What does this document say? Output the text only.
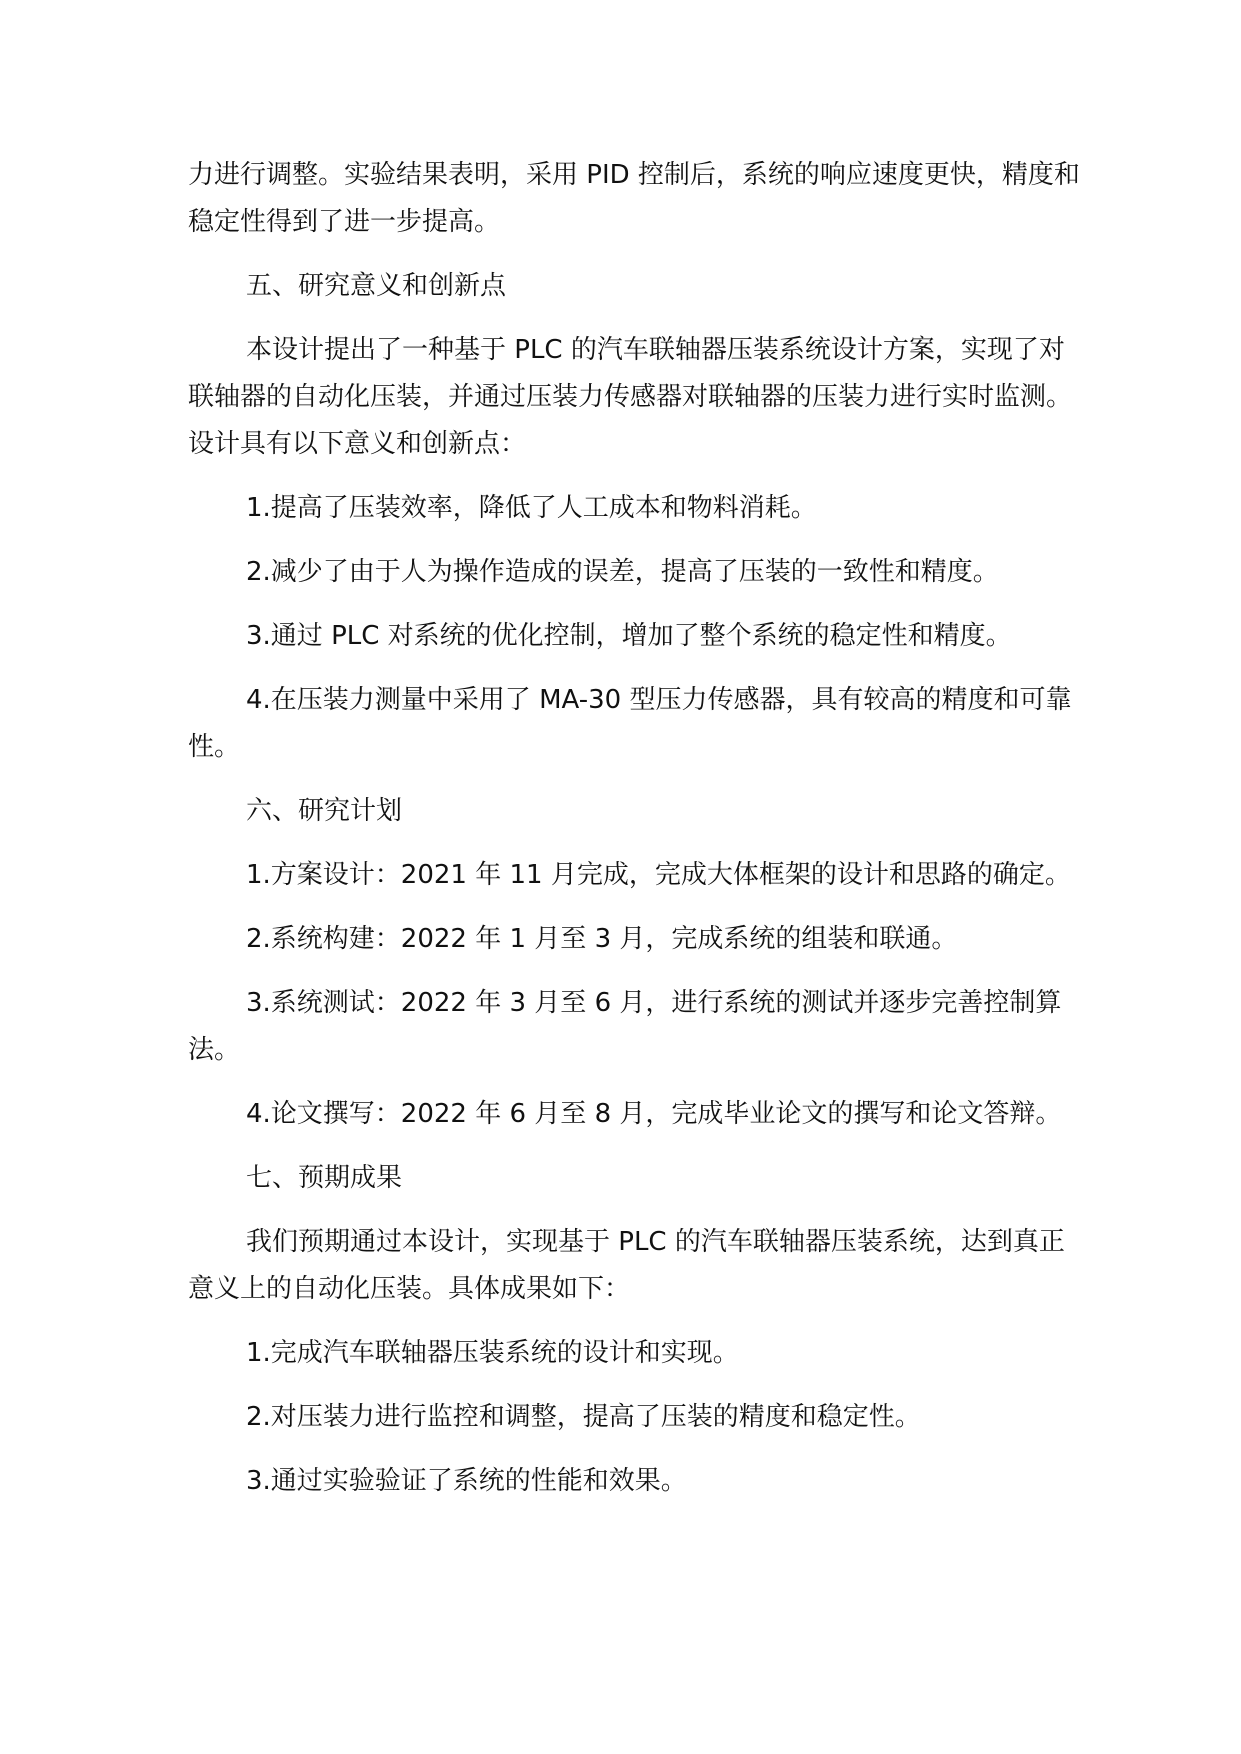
力进行调整。实验结果表明，采用 PID 控制后，系统的响应速度更快，精度和稳定性得到了进一步提高。

五、研究意义和创新点

本设计提出了一种基于 PLC 的汽车联轴器压装系统设计方案，实现了对联轴器的自动化压装，并通过压装力传感器对联轴器的压装力进行实时监测。设计具有以下意义和创新点：

1.提高了压装效率，降低了人工成本和物料消耗。

2.减少了由于人为操作造成的误差，提高了压装的一致性和精度。

3.通过 PLC 对系统的优化控制，增加了整个系统的稳定性和精度。

4.在压装力测量中采用了 MA-30 型压力传感器，具有较高的精度和可靠性。

六、研究计划

1.方案设计：2021 年 11 月完成，完成大体框架的设计和思路的确定。

2.系统构建：2022 年 1 月至 3 月，完成系统的组装和联通。

3.系统测试：2022 年 3 月至 6 月，进行系统的测试并逐步完善控制算法。

4.论文撰写：2022 年 6 月至 8 月，完成毕业论文的撰写和论文答辩。

七、预期成果

我们预期通过本设计，实现基于 PLC 的汽车联轴器压装系统，达到真正意义上的自动化压装。具体成果如下：

1.完成汽车联轴器压装系统的设计和实现。

2.对压装力进行监控和调整，提高了压装的精度和稳定性。

3.通过实验验证了系统的性能和效果。
